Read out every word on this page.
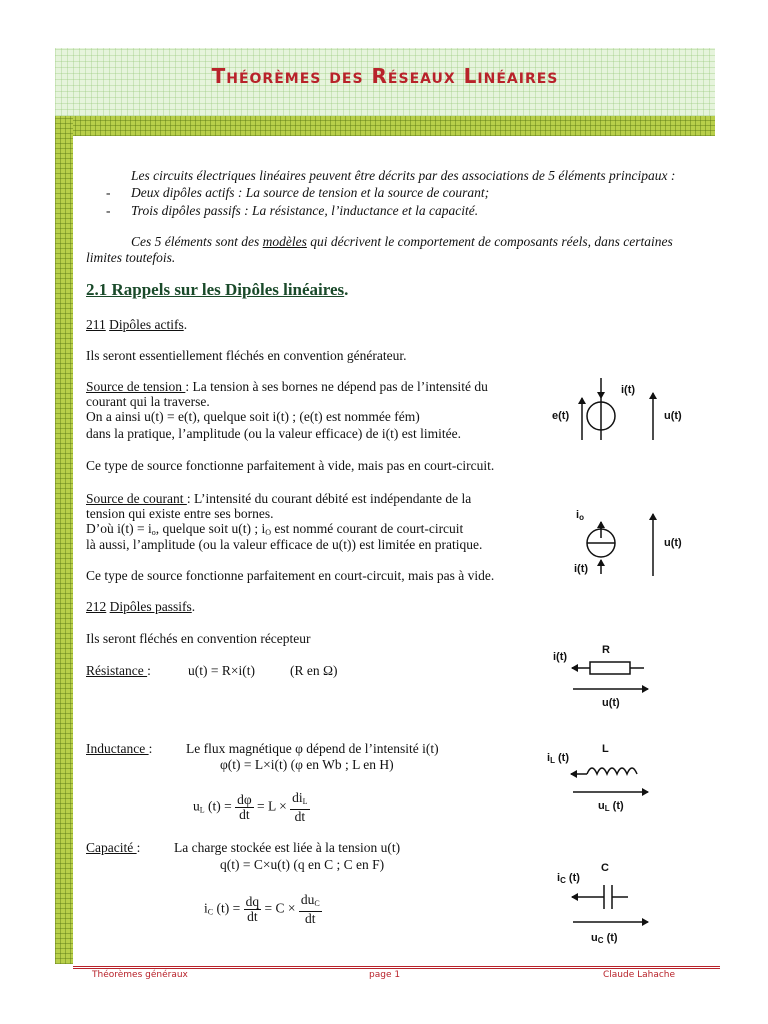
Théorèmes des Réseaux Linéaires
Les circuits électriques linéaires peuvent être décrits par des associations de 5 éléments principaux :
- Deux dipôles actifs : La source de tension et la source de courant;
- Trois dipôles passifs : La résistance, l’inductance et la capacité.
Ces 5 éléments sont des modèles qui décrivent le comportement de composants réels, dans certaines
limites toutefois.
2.1 Rappels sur les Dipôles linéaires.
211 Dipôles actifs.
Ils seront essentiellement fléchés en convention générateur.
Source de tension : La tension à ses bornes ne dépend pas de l’intensité du
courant qui la traverse.
On a ainsi u(t) = e(t), quelque soit i(t) ; (e(t) est nommée fém)
dans la pratique, l’amplitude (ou la valeur efficace) de i(t) est limitée.
Ce type de source fonctionne parfaitement à vide, mais pas en court-circuit.
Source de courant : L’intensité du courant débité est indépendante de la
tension qui existe entre ses bornes.
D’où $i(t) = i_o$, quelque soit u(t) ; $i_O$ est nommé courant de court-circuit
là aussi, l’amplitude (ou la valeur efficace de u(t)) est limitée en pratique.
Ce type de source fonctionne parfaitement en court-circuit, mais pas à vide.
212 Dipôles passifs.
Ils seront fléchés en convention récepteur
Résistance :	u(t) = R×i(t)	(R en Ω)
Inductance : Le flux magnétique φ dépend de l’intensité i(t)
φ(t) = L×i(t) (φ en Wb ; L en H)
$u_L$ $(t) = \frac{d\varphi}{dt} = L \times \frac{di_L}{dt}$
Capacité : La charge stockée est liée à la tension u(t)
q(t) = C×u(t) (q en C ; C en F)
$i_C$ $(t) = \frac{dq}{dt} = C \times \frac{du_C}{dt}$
i(t)
e(t)	u(t)
$i_o$
i(t)
u(t)
R
i(t)
u(t)
L
$i_L$ (t)
$u_L$ (t)
C
$i_C$ (t)
$u_C$ (t)
Théorèmes généraux	page 1	Claude Lahache
